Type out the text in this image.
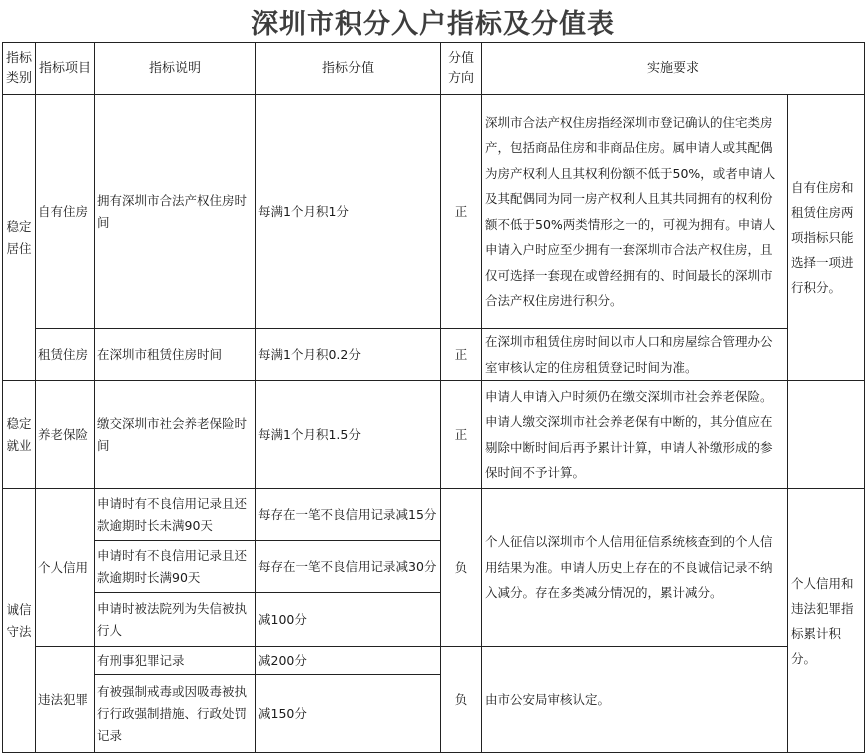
深圳市积分入户指标及分值表
指标类别	指标项目	指标说明	指标分值	分值方向	实施要求	
稳定居住	自有住房	拥有深圳市合法产权住房时间	每满1个月积1分	正	深圳市合法产权住房指经深圳市登记确认的住宅类房产，包括商品住房和非商品住房。属申请人或其配偶为房产权利人且其权利份额不低于50%，或者申请人及其配偶同为同一房产权利人且其共同拥有的权利份额不低于50%两类情形之一的，可视为拥有。申请人申请入户时应至少拥有一套深圳市合法产权住房，且仅可选择一套现在或曾经拥有的、时间最长的深圳市合法产权住房进行积分。	自有住房和租赁住房两项指标只能选择一项进行积分。
	租赁住房	在深圳市租赁住房时间	每满1个月积0.2分	正	在深圳市租赁住房时间以市人口和房屋综合管理办公室审核认定的住房租赁登记时间为准。	
稳定就业	养老保险	缴交深圳市社会养老保险时间	每满1个月积1.5分	正	申请人申请入户时须仍在缴交深圳市社会养老保险。申请人缴交深圳市社会养老保有中断的，其分值应在剔除中断时间后再予累计计算，申请人补缴形成的参保时间不予计算。	
诚信守法	个人信用	申请时有不良信用记录且还款逾期时长未满90天	每存在一笔不良信用记录减15分	负	个人征信以深圳市个人信用征信系统核查到的个人信用结果为准。申请人历史上存在的不良诚信记录不纳入减分。存在多类减分情况的，累计减分。	个人信用和违法犯罪指标累计积分。
		申请时有不良信用记录且还款逾期时长满90天	每存在一笔不良信用记录减30分			
		申请时被法院列为失信被执行人	减100分			
	违法犯罪	有刑事犯罪记录	减200分	负	由市公安局审核认定。	
		有被强制戒毒或因吸毒被执行行政强制措施、行政处罚记录	减150分			
